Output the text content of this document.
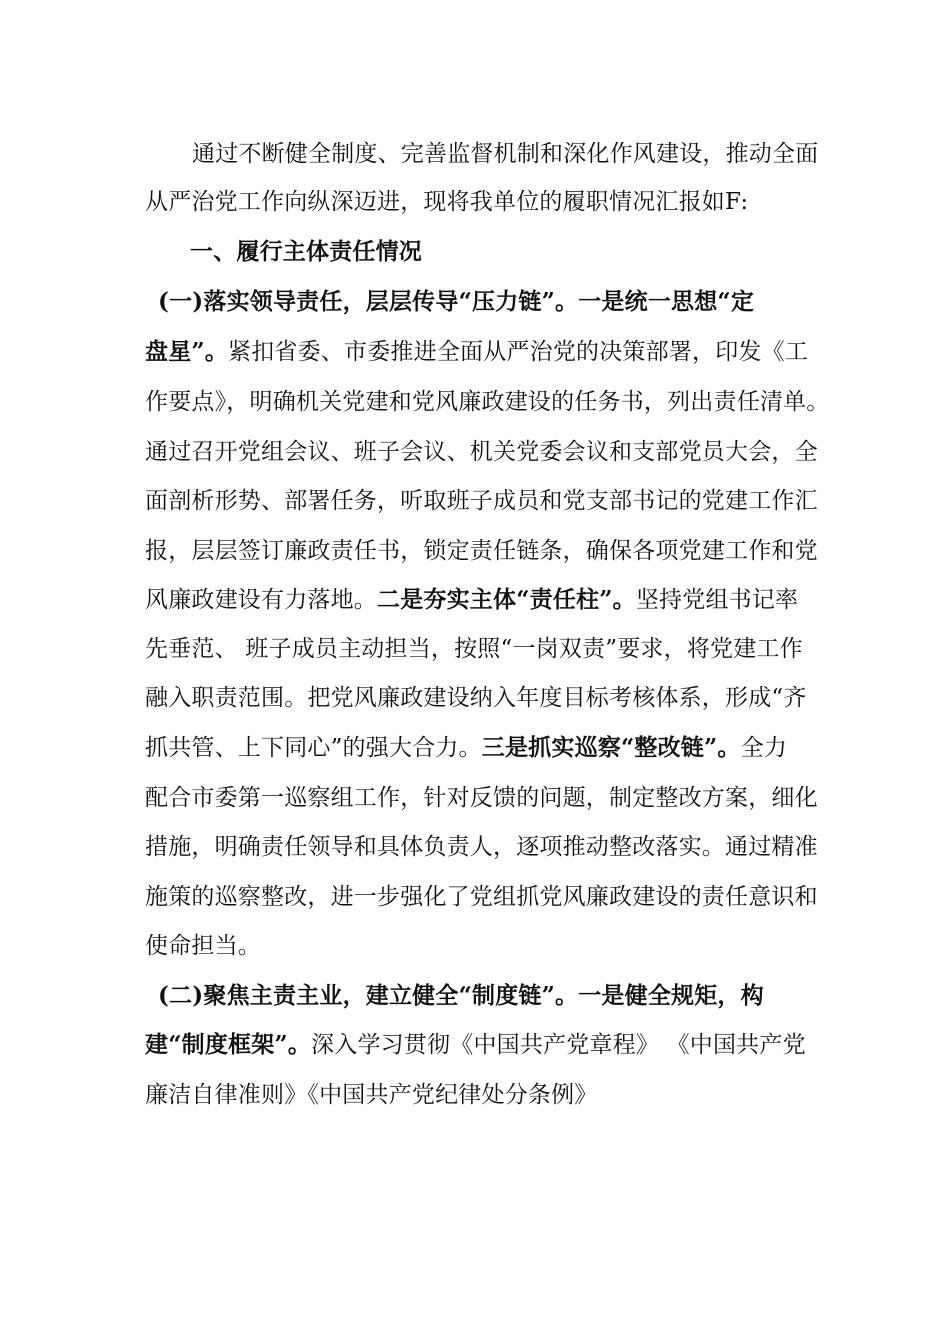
通过不断健全制度、完善监督机制和深化作风建设，推动全面
从严治党工作向纵深迈进，现将我单位的履职情况汇报如F:
一、履行主体责任情况
(一)落实领导责任，层层传导“压力链”。一是统一思想“定
盘星”。紧扣省委、市委推进全面从严治党的决策部署，印发《工
作要点》，明确机关党建和党风廉政建设的任务书，列出责任清单。
通过召开党组会议、班子会议、机关党委会议和支部党员大会，全
面剖析形势、部署任务，听取班子成员和党支部书记的党建工作汇
报，层层签订廉政责任书，锁定责任链条，确保各项党建工作和党
风廉政建设有力落地。二是夯实主体“责任柱”。坚持党组书记率
先垂范、 班子成员主动担当，按照“一岗双责”要求，将党建工作
融入职责范围。把党风廉政建设纳入年度目标考核体系，形成“齐
抓共管、上下同心”的强大合力。三是抓实巡察“整改链”。全力
配合市委第一巡察组工作，针对反馈的问题，制定整改方案，细化
措施，明确责任领导和具体负责人，逐项推动整改落实。通过精准
施策的巡察整改，进一步强化了党组抓党风廉政建设的责任意识和
使命担当。
(二)聚焦主责主业，建立健全“制度链”。一是健全规矩，构
建“制度框架”。深入学习贯彻《中国共产党章程》 《中国共产党
廉洁自律准则》《中国共产党纪律处分条例》
